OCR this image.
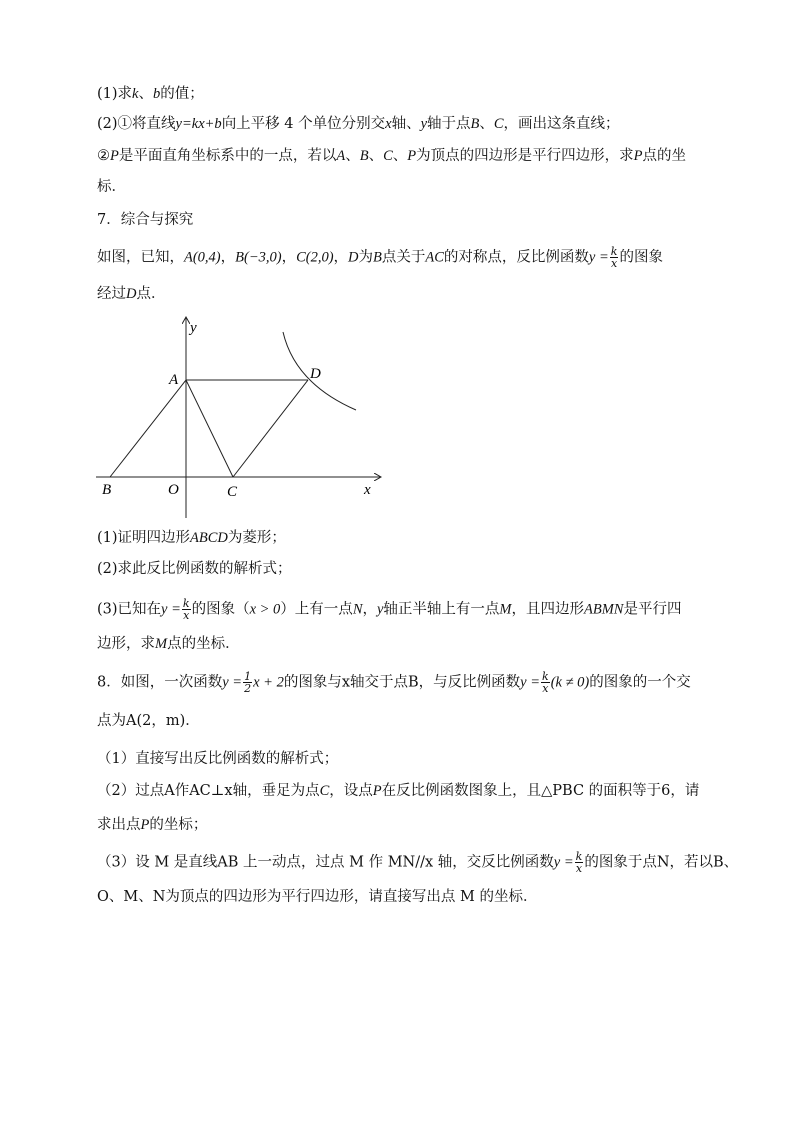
(1)求k、b的值；
(2)①将直线y=kx+b向上平移 4 个单位分别交x轴、y轴于点B、C，画出这条直线；
②P是平面直角坐标系中的一点，若以A、B、C、P为顶点的四边形是平行四边形，求P点的坐
标．
7．综合与探究
如图，已知，A(0,4)，B(−3,0)，C(2,0)，D为B点关于AC的对称点，反比例函数$y = \frac{k}{x}$ 的图象
经过D点．
y
A	D
B	O	C	x
(1)证明四边形ABCD为菱形；
(2)求此反比例函数的解析式；
(3)已知在$y = \frac{k}{x}$ 的图象（x > 0）上有一点N，y轴正半轴上有一点M，且四边形ABMN是平行四
边形，求M点的坐标．
8．如图，一次函数$y = \frac{1}{2}$ x + 2的图象与x轴交于点B，与反比例函数$y = \frac{k}{x} (k \ne 0)$的图象的一个交
点为A(2，m)．
（1）直接写出反比例函数的解析式；
（2）过点A作AC⊥x轴，垂足为点C，设点P在反比例函数图象上，且△PBC 的面积等于6，请
求出点P的坐标；
（3）设 M 是直线AB 上一动点，过点 M 作 MN//x 轴，交反比例函数$y = \frac{k}{x}$ 的图象于点N，若以B、
O、M、N为顶点的四边形为平行四边形，请直接写出点 M 的坐标．
